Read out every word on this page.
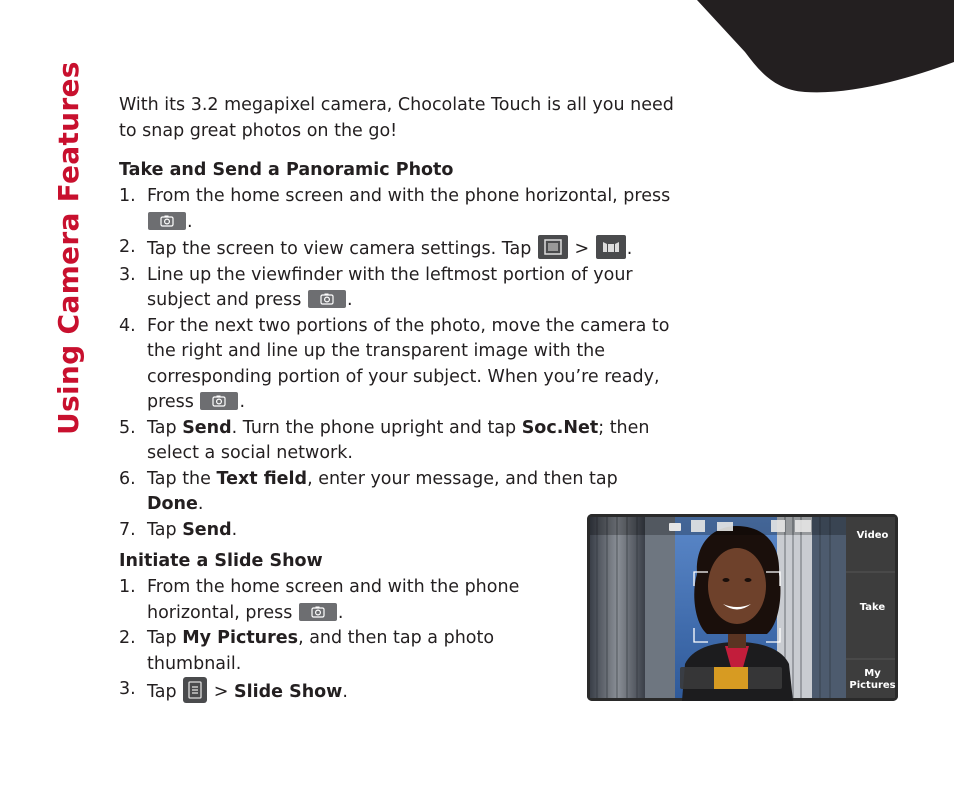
Using Camera Features With its 3.2 megapixel camera, Chocolate Touch is all you need to snap great photos on the go!

Take and Send a Panoramic Photo
1. From the home screen and with the phone horizontal, press
.
2. Tap the screen to view camera settings. Tap
>
.
3. Line up the viewfinder with the leftmost portion of your subject and press
.
4. For the next two portions of the photo, move the camera to the right and line up the transparent image with the corresponding portion of your subject. When you’re ready, press
.
5. Tap Send. Turn the phone upright and tap Soc.Net; then select a social network.
6. Tap the Text field, enter your message, and then tap Done.
7. Tap Send.
Initiate a Slide Show
1. From the home screen and with the phone horizontal, press
.
2. Tap My Pictures, and then tap a photo thumbnail.
3. Tap
> Slide Show.
Video
Take
My
Pictures
